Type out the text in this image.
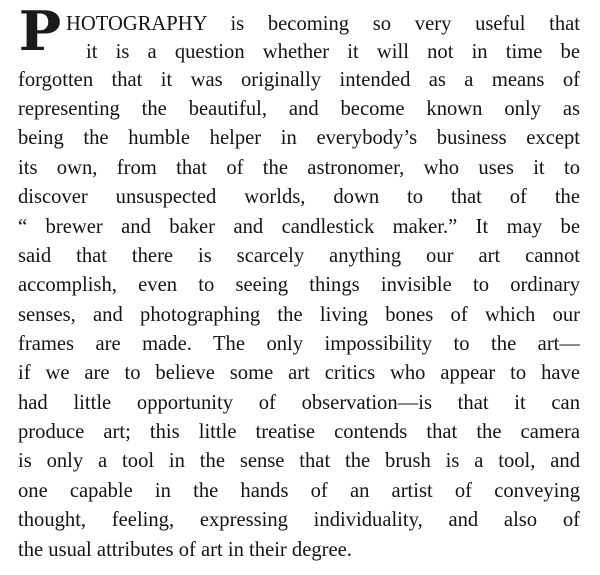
P HOTOGRAPHY is becoming so very useful that
it is a question whether it will not in time be
forgotten that it was originally intended as a means of
representing the beautiful, and become known only as
being the humble helper in everybody’s business except
its own, from that of the astronomer, who uses it to
discover unsuspected worlds, down to that of the
“ brewer and baker and candlestick maker.” It may be
said that there is scarcely anything our art cannot
accomplish, even to seeing things invisible to ordinary
senses, and photographing the living bones of which our
frames are made. The only impossibility to the art—
if we are to believe some art critics who appear to have
had little opportunity of observation—is that it can
produce art; this little treatise contends that the camera
is only a tool in the sense that the brush is a tool, and
one capable in the hands of an artist of conveying
thought, feeling, expressing individuality, and also of
the usual attributes of art in their degree.
